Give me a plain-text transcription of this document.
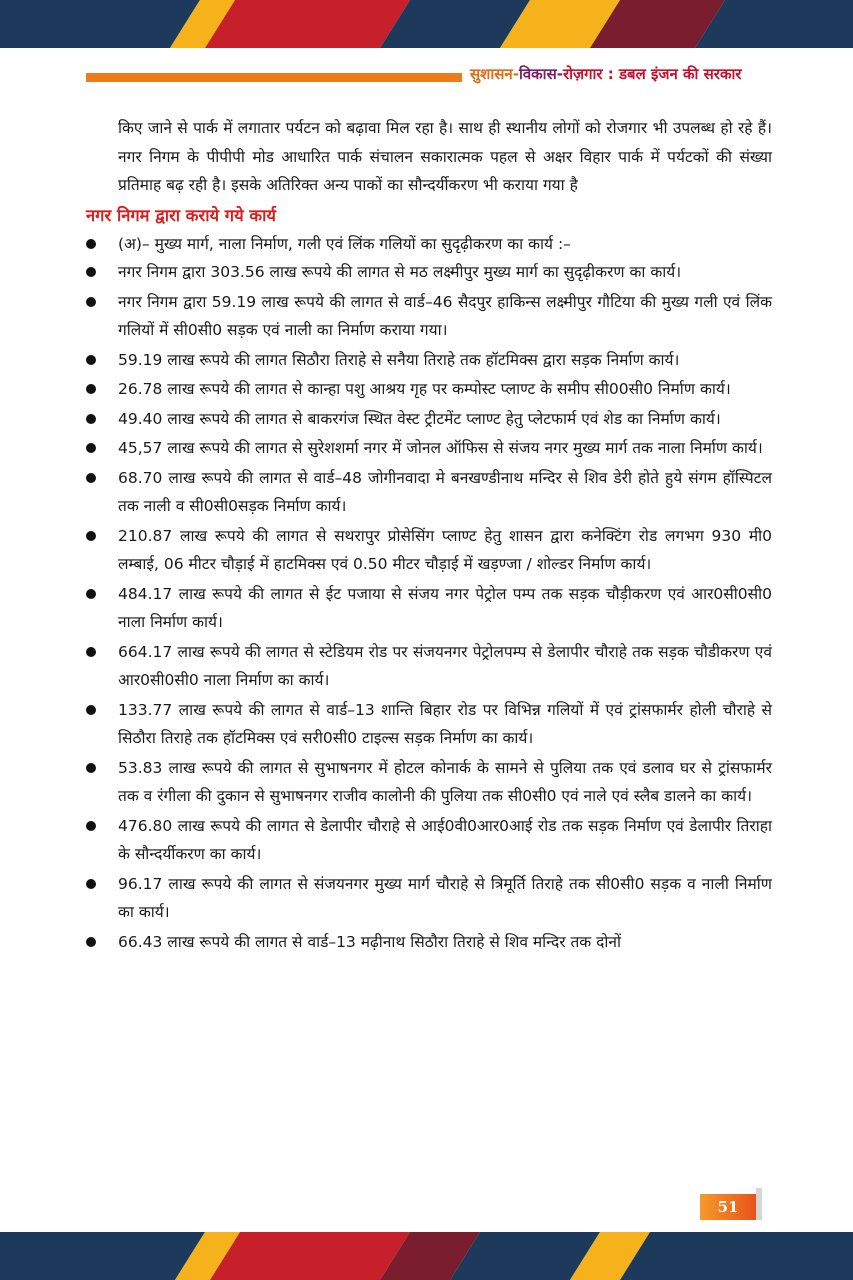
सुशासन-विकास-रोज़गार : डबल इंजन की सरकार

किए जाने से पार्क में लगातार पर्यटन को बढ़ावा मिल रहा है। साथ ही स्थानीय लोगों को रोजगार भी उपलब्ध हो रहे हैं। नगर निगम के पीपीपी मोड आधारित पार्क संचालन सकारात्मक पहल से अक्षर विहार पार्क में पर्यटकों की संख्या प्रतिमाह बढ़ रही है। इसके अतिरिक्त अन्य पाकों का सौन्दर्यीकरण भी कराया गया है

नगर निगम द्वारा कराये गये कार्य
(अ)– मुख्य मार्ग, नाला निर्माण, गली एवं लिंक गलियों का सुदृढ़ीकरण का कार्य :–
नगर निगम द्वारा 303.56 लाख रूपये की लागत से मठ लक्ष्मीपुर मुख्य मार्ग का सुदृढ़ीकरण का कार्य।
नगर निगम द्वारा 59.19 लाख रूपये की लागत से वार्ड–46 सैदपुर हाकिन्स लक्ष्मीपुर गौटिया की मुख्य गली एवं लिंक गलियों में सी0सी0 सड़क एवं नाली का निर्माण कराया गया।
59.19 लाख रूपये की लागत सिठौरा तिराहे से सनैया तिराहे तक हॉटमिक्स द्वारा सड़क निर्माण कार्य।
26.78 लाख रूपये की लागत से कान्हा पशु आश्रय गृह पर कम्पोस्ट प्लाण्ट के समीप सी00सी0 निर्माण कार्य।
49.40 लाख रूपये की लागत से बाकरगंज स्थित वेस्ट ट्रीटमेंट प्लाण्ट हेतु प्लेटफार्म एवं शेड का निर्माण कार्य।
45,57 लाख रूपये की लागत से सुरेशशर्मा नगर में जोनल ऑफिस से संजय नगर मुख्य मार्ग तक नाला निर्माण कार्य।
68.70 लाख रूपये की लागत से वार्ड–48 जोगीनवादा मे बनखण्डीनाथ मन्दिर से शिव डेरी होते हुये संगम हॉस्पिटल तक नाली व सी0सी0सड़क निर्माण कार्य।
210.87 लाख रूपये की लागत से सथरापुर प्रोसेसिंग प्लाण्ट हेतु शासन द्वारा कनेक्टिंग रोड लगभग 930 मी0 लम्बाई, 06 मीटर चौड़ाई में हाटमिक्स एवं 0.50 मीटर चौड़ाई में खड़ण्जा / शोल्डर निर्माण कार्य।
484.17 लाख रूपये की लागत से ईट पजाया से संजय नगर पेट्रोल पम्प तक सड़क चौड़ीकरण एवं आर0सी0सी0 नाला निर्माण कार्य।
664.17 लाख रूपये की लागत से स्टेडियम रोड पर संजयनगर पेट्रोलपम्प से डेलापीर चौराहे तक सड़क चौडीकरण एवं आर0सी0सी0 नाला निर्माण का कार्य।
133.77 लाख रूपये की लागत से वार्ड–13 शान्ति बिहार रोड पर विभिन्न गलियों में एवं ट्रांसफार्मर होली चौराहे से सिठौरा तिराहे तक हॉटमिक्स एवं सरी0सी0 टाइल्स सड़क निर्माण का कार्य।
53.83 लाख रूपये की लागत से सुभाषनगर में होटल कोनार्क के सामने से पुलिया तक एवं डलाव घर से ट्रांसफार्मर तक व रंगीला की दुकान से सुभाषनगर राजीव कालोनी की पुलिया तक सी0सी0 एवं नाले एवं स्लैब डालने का कार्य।
476.80 लाख रूपये की लागत से डेलापीर चौराहे से आई0वी0आर0आई रोड तक सड़क निर्माण एवं डेलापीर तिराहा के सौन्दर्यीकरण का कार्य।
96.17 लाख रूपये की लागत से संजयनगर मुख्य मार्ग चौराहे से त्रिमूर्ति तिराहे तक सी0सी0 सड़क व नाली निर्माण का कार्य।
66.43 लाख रूपये की लागत से वार्ड–13 मढ़ीनाथ सिठौरा तिराहे से शिव मन्दिर तक दोनों
51
